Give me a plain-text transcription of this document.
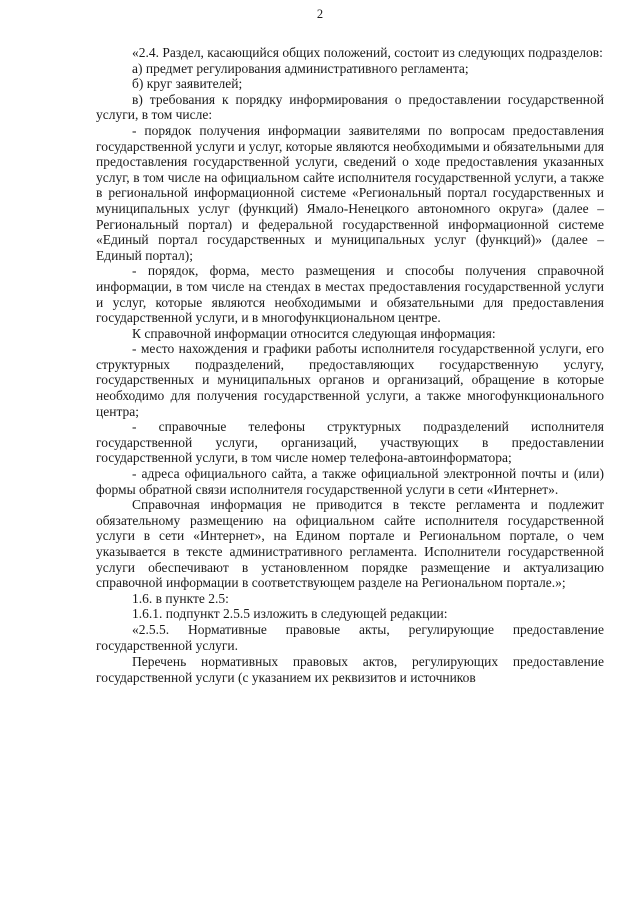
2

«2.4. Раздел, касающийся общих положений, состоит из следующих подразделов:

а) предмет регулирования административного регламента;

б) круг заявителей;

в) требования к порядку информирования о предоставлении государственной услуги, в том числе:

- порядок получения информации заявителями по вопросам предоставления государственной услуги и услуг, которые являются необходимыми и обязательными для предоставления государственной услуги, сведений о ходе предоставления указанных услуг, в том числе на официальном сайте исполнителя государственной услуги, а также в региональной информационной системе «Региональный портал государственных и муниципальных услуг (функций) Ямало-Ненецкого автономного округа» (далее – Региональный портал) и федеральной государственной информационной системе «Единый портал государственных и муниципальных услуг (функций)» (далее – Единый портал);

- порядок, форма, место размещения и способы получения справочной информации, в том числе на стендах в местах предоставления государственной услуги и услуг, которые являются необходимыми и обязательными для предоставления государственной услуги, и в многофункциональном центре.

К справочной информации относится следующая информация:

- место нахождения и графики работы исполнителя государственной услуги, его структурных подразделений, предоставляющих государственную услугу, государственных и муниципальных органов и организаций, обращение в которые необходимо для получения государственной услуги, а также многофункционального центра;

- справочные телефоны структурных подразделений исполнителя государственной услуги, организаций, участвующих в предоставлении государственной услуги, в том числе номер телефона-автоинформатора;

- адреса официального сайта, а также официальной электронной почты и (или) формы обратной связи исполнителя государственной услуги в сети «Интернет».

Справочная информация не приводится в тексте регламента и подлежит обязательному размещению на официальном сайте исполнителя государственной услуги в сети «Интернет», на Едином портале и Региональном портале, о чем указывается в тексте административного регламента. Исполнители государственной услуги обеспечивают в установленном порядке размещение и актуализацию справочной информации в соответствующем разделе на Региональном портале.»;

1.6. в пункте 2.5:

1.6.1. подпункт 2.5.5 изложить в следующей редакции:

«2.5.5. Нормативные правовые акты, регулирующие предоставление государственной услуги.

Перечень нормативных правовых актов, регулирующих предоставление государственной услуги (с указанием их реквизитов и источников
